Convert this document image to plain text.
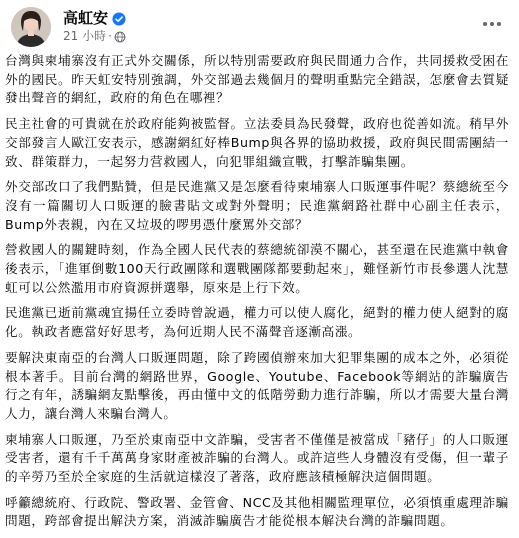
高虹安
21 小時 ·

台灣與柬埔寨沒有正式外交關係，所以特別需要政府與民間通力合作，共同援救受困在外的國民。昨天虹安特別強調，外交部過去幾個月的聲明重點完全錯誤，怎麼會去質疑發出聲音的網紅，政府的角色在哪裡？

民主社會的可貴就在於政府能夠被監督。立法委員為民發聲，政府也從善如流。稍早外交部發言人歐江安表示，感謝網紅好棒Bump與各界的協助救援，政府與民間需團結一致、群策群力，一起努力营救國人，向犯罪組織宣戰，打擊詐騙集團。

外交部改口了我們點贊，但是民進黨又是怎麼看待柬埔寨人口販運事件呢？蔡總統至今沒有一篇關切人口販運的臉書貼文或對外聲明；民進黨網路社群中心副主任表示，Bump外表親，內在又垃圾的啰男憑什麼罵外交部？

營救國人的關鍵時刻，作為全國人民代表的蔡總統卻漠不關心，甚至還在民進黨中執會後表示，「進軍倒數100天行政團隊和選戰團隊都要動起來」，難怪新竹市長參選人沈慧虹可以公然濫用市府資源拼選舉，原來是上行下效。

民進黨已逝前黨魂宜揚任立委時曾說過，權力可以使人腐化，絕對的權力使人絕對的腐化。執政者應當好好思考，為何近期人民不滿聲音逐漸高漲。

要解決東南亞的台灣人口販運問題，除了跨國偵辦來加大犯罪集團的成本之外，必須從根本著手。目前台灣的網路世界，Google、Youtube、Facebook等網站的詐騙廣告行之有年，誘騙網友點擊後，再由懂中文的低階勞動力進行詐騙，所以才需要大量台灣人力，讓台灣人來騙台灣人。

柬埔寨人口販運，乃至於東南亞中文詐騙，受害者不僅僅是被當成「豬仔」的人口販運受害者，還有千千萬萬身家財產被詐騙的台灣人。或許這些人身體沒有受傷，但一輩子的辛勞乃至於全家庭的生活就這樣沒了著落，政府應該積極解決這個問題。

呼籲總統府、行政院、警政署、金管會、NCC及其他相關監理單位，必須慎重處理詐騙問題，跨部會提出解決方案，消滅詐騙廣告才能從根本解決台灣的詐騙問題。
